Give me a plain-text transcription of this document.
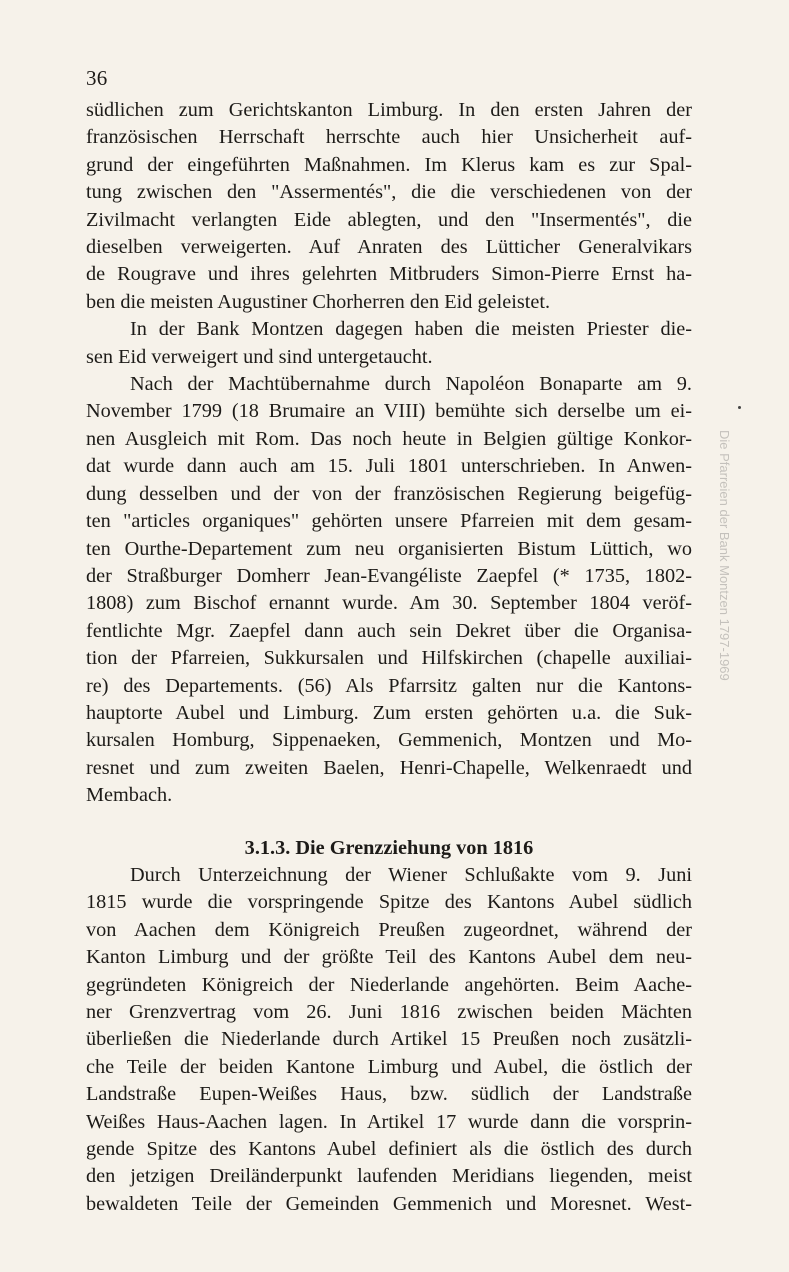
36
südlichen zum Gerichtskanton Limburg. In den ersten Jahren der
französischen Herrschaft herrschte auch hier Unsicherheit auf-
grund der eingeführten Maßnahmen. Im Klerus kam es zur Spal-
tung zwischen den "Assermentés", die die verschiedenen von der
Zivilmacht verlangten Eide ablegten, und den "Insermentés", die
dieselben verweigerten. Auf Anraten des Lütticher Generalvikars
de Rougrave und ihres gelehrten Mitbruders Simon-Pierre Ernst ha-
ben die meisten Augustiner Chorherren den Eid geleistet.
In der Bank Montzen dagegen haben die meisten Priester die-
sen Eid verweigert und sind untergetaucht.
Nach der Machtübernahme durch Napoléon Bonaparte am 9.
November 1799 (18 Brumaire an VIII) bemühte sich derselbe um ei-
nen Ausgleich mit Rom. Das noch heute in Belgien gültige Konkor-
dat wurde dann auch am 15. Juli 1801 unterschrieben. In Anwen-
dung desselben und der von der französischen Regierung beigefüg-
ten "articles organiques" gehörten unsere Pfarreien mit dem gesam-
ten Ourthe-Departement zum neu organisierten Bistum Lüttich, wo
der Straßburger Domherr Jean-Evangéliste Zaepfel (* 1735, 1802-
1808) zum Bischof ernannt wurde. Am 30. September 1804 veröf-
fentlichte Mgr. Zaepfel dann auch sein Dekret über die Organisa-
tion der Pfarreien, Sukkursalen und Hilfskirchen (chapelle auxiliai-
re) des Departements. (56) Als Pfarrsitz galten nur die Kantons-
hauptorte Aubel und Limburg. Zum ersten gehörten u.a. die Suk-
kursalen Homburg, Sippenaeken, Gemmenich, Montzen und Mo-
resnet und zum zweiten Baelen, Henri-Chapelle, Welkenraedt und
Membach.
3.1.3. Die Grenzziehung von 1816
Durch Unterzeichnung der Wiener Schlußakte vom 9. Juni
1815 wurde die vorspringende Spitze des Kantons Aubel südlich
von Aachen dem Königreich Preußen zugeordnet, während der
Kanton Limburg und der größte Teil des Kantons Aubel dem neu-
gegründeten Königreich der Niederlande angehörten. Beim Aache-
ner Grenzvertrag vom 26. Juni 1816 zwischen beiden Mächten
überließen die Niederlande durch Artikel 15 Preußen noch zusätzli-
che Teile der beiden Kantone Limburg und Aubel, die östlich der
Landstraße Eupen-Weißes Haus, bzw. südlich der Landstraße
Weißes Haus-Aachen lagen. In Artikel 17 wurde dann die vorsprin-
gende Spitze des Kantons Aubel definiert als die östlich des durch
den jetzigen Dreiländerpunkt laufenden Meridians liegenden, meist
bewaldeten Teile der Gemeinden Gemmenich und Moresnet. West-
Die Pfarreien der Bank Montzen 1797-1969
